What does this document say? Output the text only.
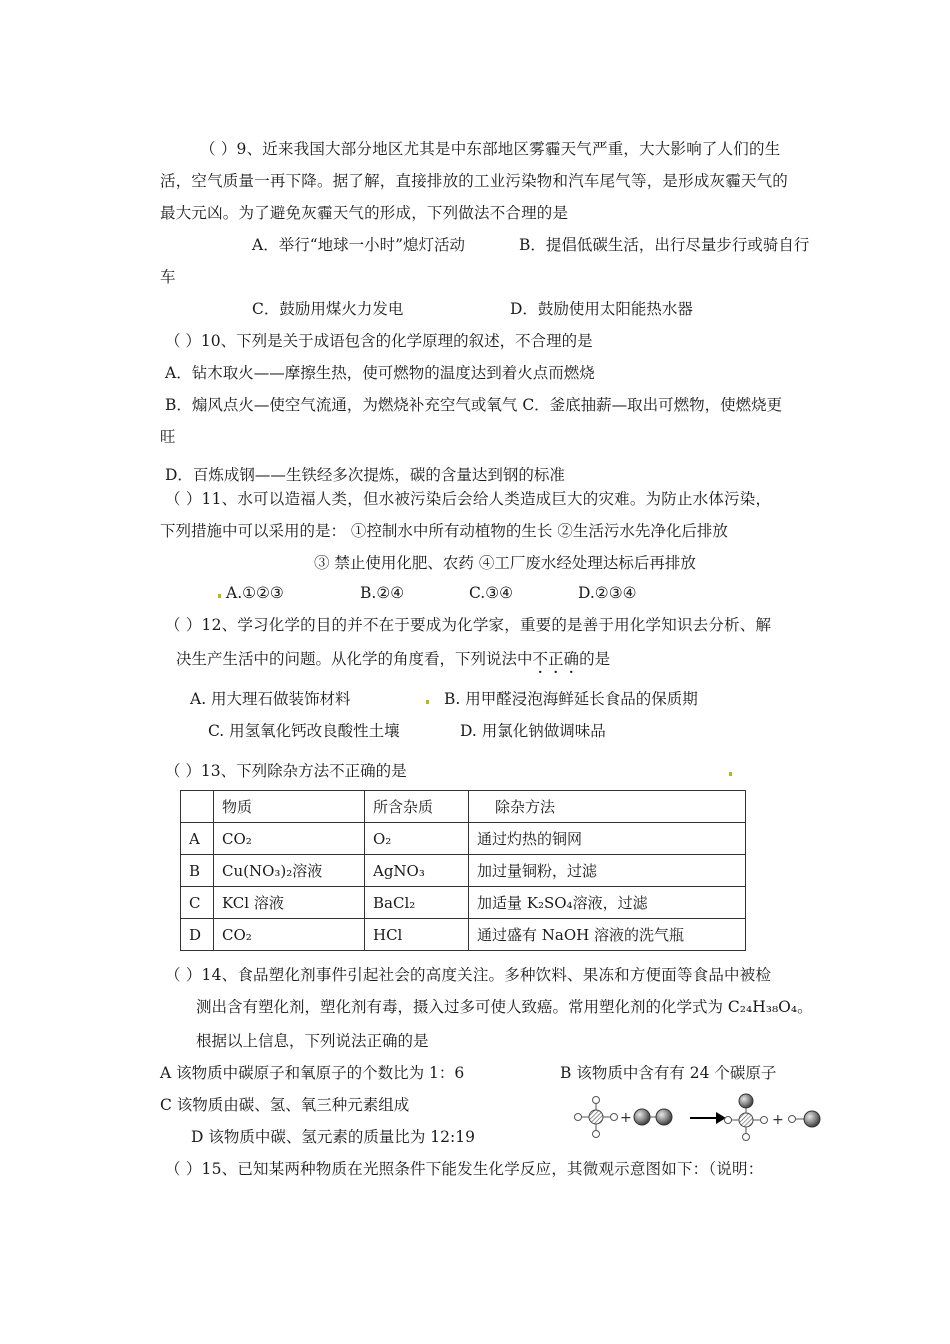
（ ）9、近来我国大部分地区尤其是中东部地区雾霾天气严重，大大影响了人们的生
活，空气质量一再下降。据了解，直接排放的工业污染物和汽车尾气等，是形成灰霾天气的
最大元凶。为了避免灰霾天气的形成，下列做法不合理的是
A．举行“地球一小时”熄灯活动	B．提倡低碳生活，出行尽量步行或骑自行
车
C．鼓励用煤火力发电	D．鼓励使用太阳能热水器
（ ）10、下列是关于成语包含的化学原理的叙述，不合理的是
A．钻木取火——摩擦生热，使可燃物的温度达到着火点而燃烧
B．煽风点火—使空气流通，为燃烧补充空气或氧气 C．釜底抽薪—取出可燃物，使燃烧更
旺
D．百炼成钢——生铁经多次提炼，碳的含量达到钢的标准
（ ）11、水可以造福人类，但水被污染后会给人类造成巨大的灾难。为防止水体污染，
下列措施中可以采用的是： ①控制水中所有动植物的生长 ②生活污水先净化后排放
③ 禁止使用化肥、农药 ④工厂废水经处理达标后再排放
A.①②③	B.②④	C.③④	D.②③④
（ ）12、学习化学的目的并不在于要成为化学家，重要的是善于用化学知识去分析、解
决生产生活中的问题。从化学的角度看，下列说法中不正确的是
A. 用大理石做装饰材料	B. 用甲醛浸泡海鲜延长食品的保质期
C. 用氢氧化钙改良酸性土壤	D. 用氯化钠做调味品
（ ）13、下列除杂方法不正确的是
	物质	所含杂质	除杂方法
A	CO₂	O₂	通过灼热的铜网
B	Cu(NO₃)₂溶液	AgNO₃	加过量铜粉，过滤
C	KCl 溶液	BaCl₂	加适量 K₂SO₄溶液，过滤
D	CO₂	HCl	通过盛有 NaOH 溶液的洗气瓶
（ ）14、食品塑化剂事件引起社会的高度关注。多种饮料、果冻和方便面等食品中被检
测出含有塑化剂，塑化剂有毒，摄入过多可使人致癌。常用塑化剂的化学式为 C₂₄H₃₈O₄。
根据以上信息，下列说法正确的是
A 该物质中碳原子和氧原子的个数比为 1：6	B 该物质中含有有 24 个碳原子
C 该物质由碳、氢、氧三种元素组成
D 该物质中碳、氢元素的质量比为 12:19
+	+
（ ）15、已知某两种物质在光照条件下能发生化学反应，其微观示意图如下：（说明：
